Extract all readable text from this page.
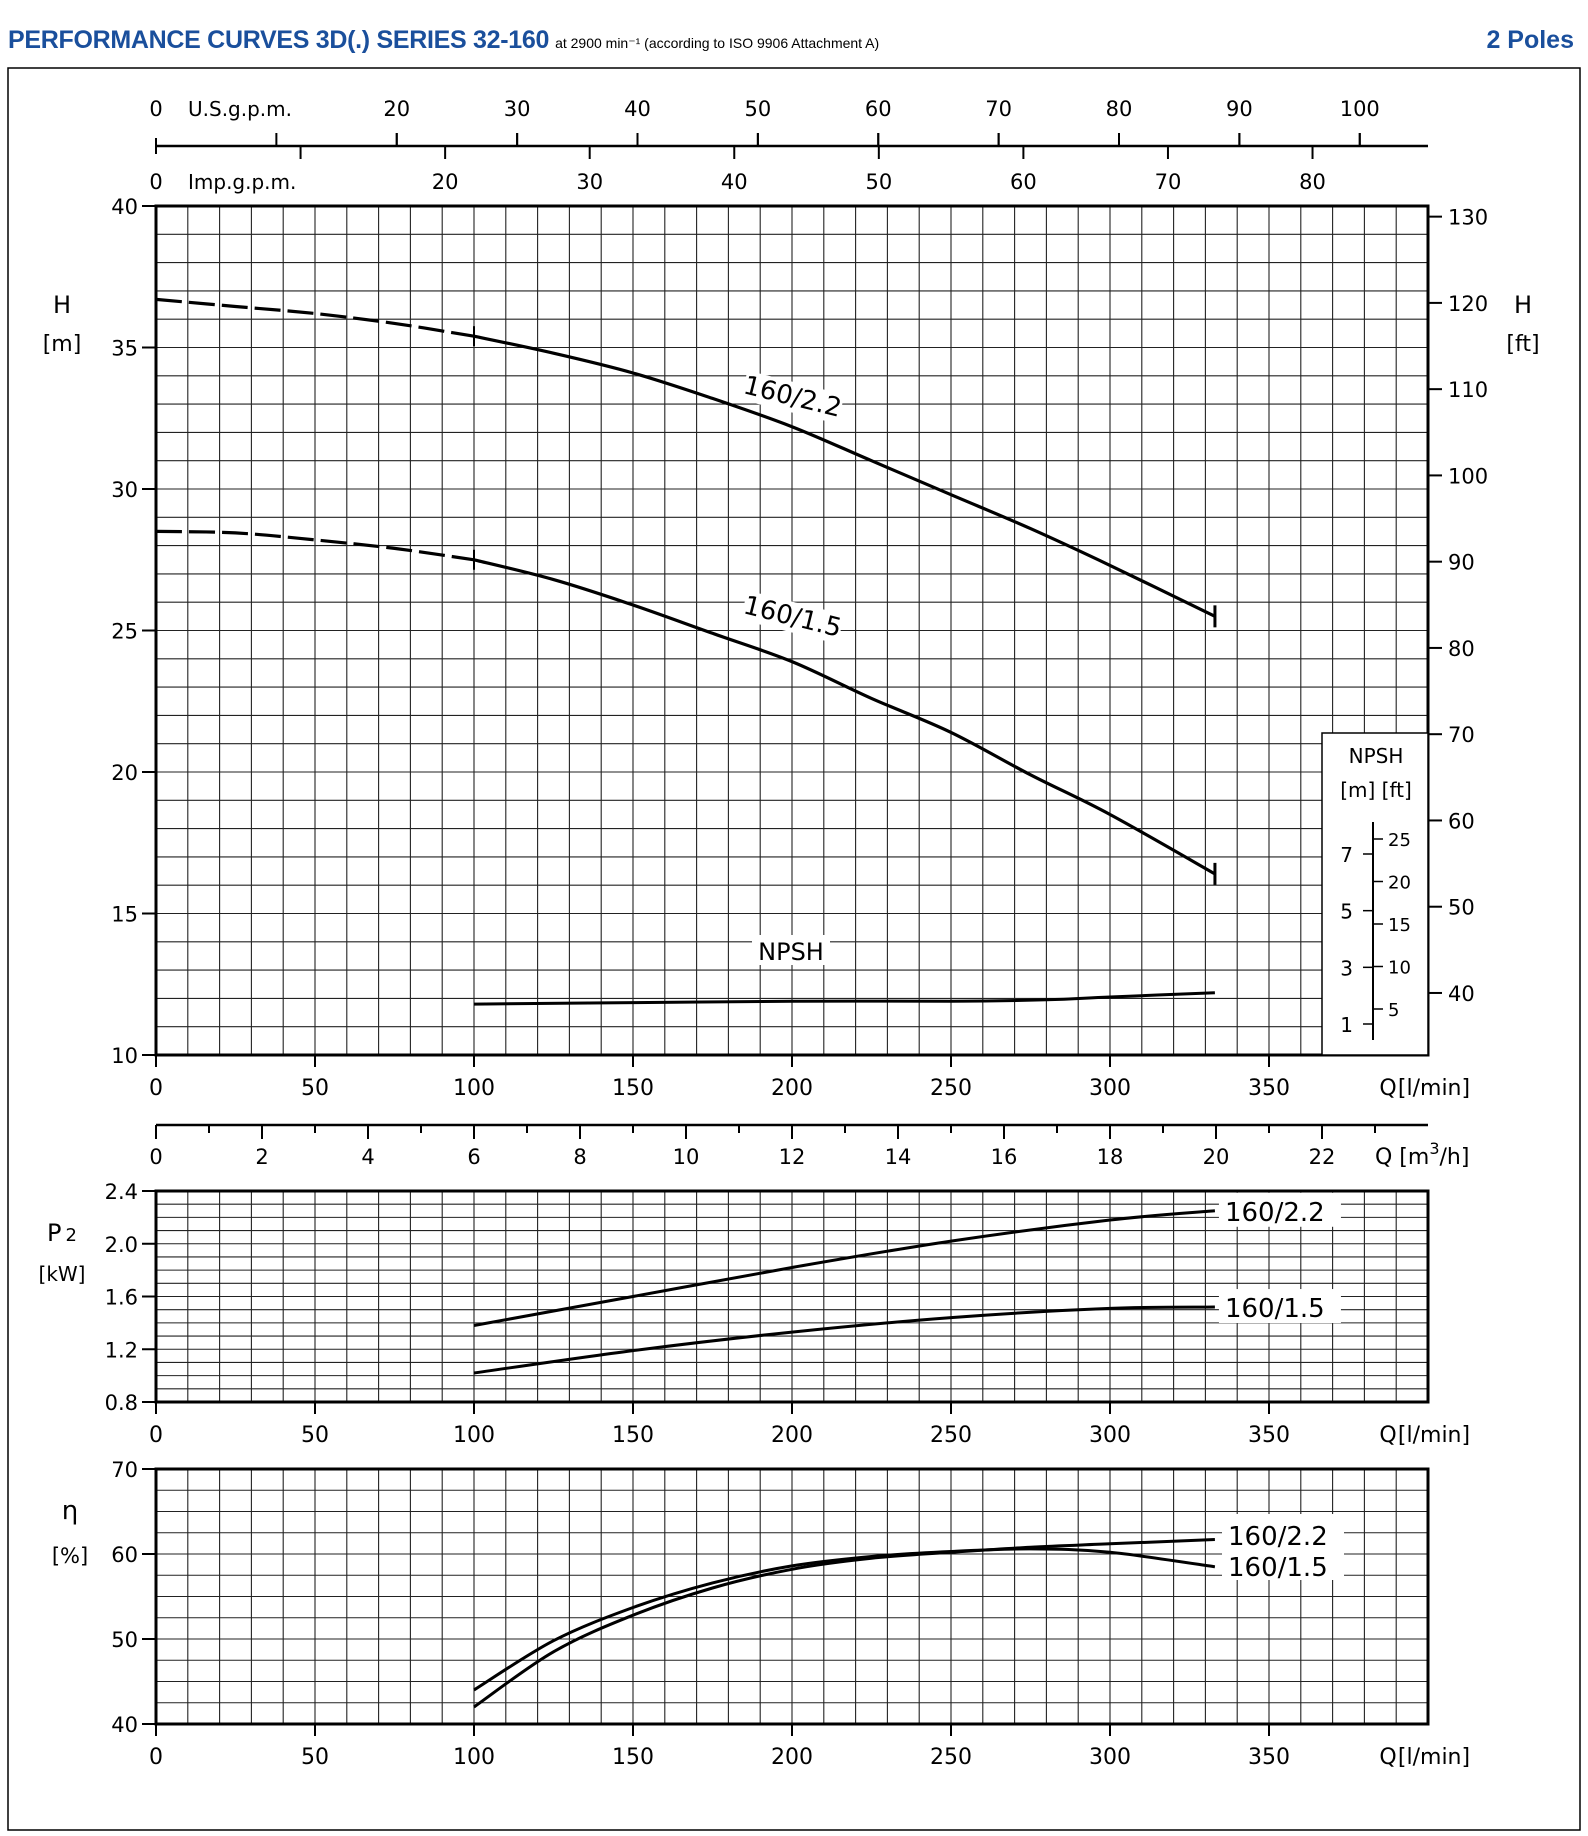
PERFORMANCE CURVES 3D(.) SERIES 32-160 at 2900 min⁻¹ (according to ISO 9906 Attachment A)	2 Poles
0	50	100	150	200	250	300	350	Q [l/min]
10
15
20
25
30
35
40
0	20	30	40	50	60	70	80	90	100
U.S.g.p.m.
0	20	30	40	50	60	70	80
Imp.g.p.m.
40
50
60
70
80
90
100
110
120
130
H
[m]
H
[ft]
NPSH
[m] [ft]
1
3
5
7
5
10
15
20
25
160/2.2
160/1.5
NPSH
0	2	4	6	8	10	12	14	16	18	20	22 Q $[m^3/h]$
0	50	100	150	200	250	300	350	Q [l/min]
0.8
1.2
1.6
2.0
2.4
P 2
[kW]
160/2.2
160/1.5
0	50	100	150	200	250	300	350	Q [l/min]
40
50
60
70
η
[%]
160/2.2
160/1.5
